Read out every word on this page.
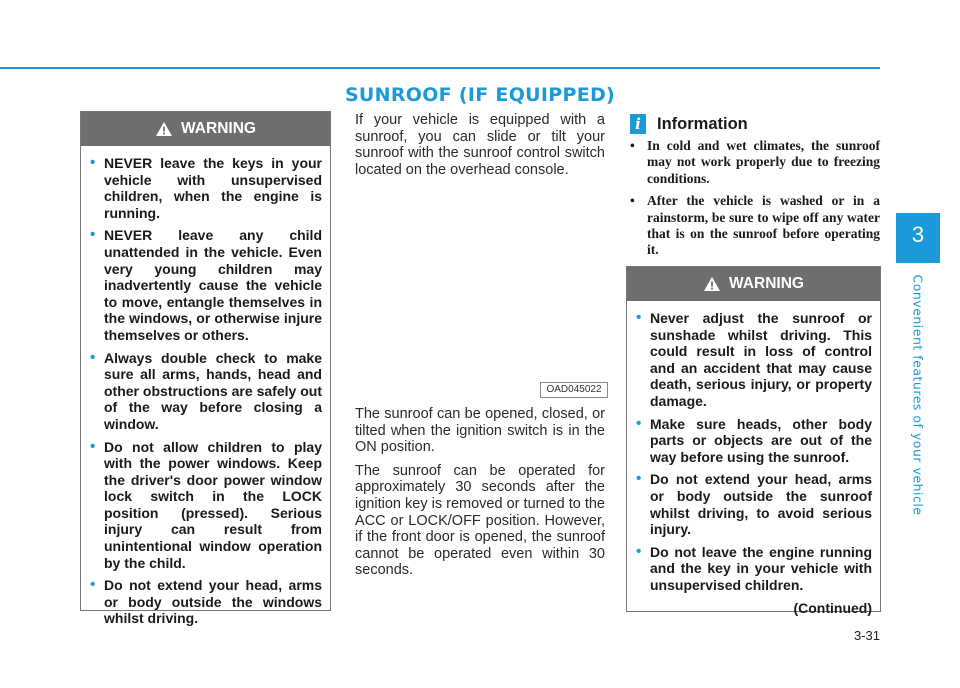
SUNROOF (IF EQUIPPED)
3
Convenient features of your vehicle
WARNING
• NEVER leave the keys in your vehicle with unsupervised children, when the engine is running.
• NEVER leave any child unattended in the vehicle. Even very young children may inadvertently cause the vehicle to move, entangle themselves in the windows, or otherwise injure themselves or others.
• Always double check to make sure all arms, hands, head and other obstructions are safely out of the way before closing a window.
• Do not allow children to play with the power windows. Keep the driver's door power window lock switch in the LOCK position (pressed). Serious injury can result from unintentional window operation by the child.
• Do not extend your head, arms or body outside the windows whilst driving.

If your vehicle is equipped with a sunroof, you can slide or tilt your sunroof with the sunroof control switch located on the overhead console.

OAD045022

The sunroof can be opened, closed, or tilted when the ignition switch is in the ON position.

The sunroof can be operated for approximately 30 seconds after the ignition key is removed or turned to the ACC or LOCK/OFF position. However, if the front door is opened, the sunroof cannot be operated even within 30 seconds.

i Information
• In cold and wet climates, the sunroof may not work properly due to freezing conditions.
• After the vehicle is washed or in a rainstorm, be sure to wipe off any water that is on the sunroof before operating it.
WARNING
• Never adjust the sunroof or sunshade whilst driving. This could result in loss of control and an accident that may cause death, serious injury, or property damage.
• Make sure heads, other body parts or objects are out of the way before using the sunroof.
• Do not extend your head, arms or body outside the sunroof whilst driving, to avoid serious injury.
• Do not leave the engine running and the key in your vehicle with unsupervised children.
(Continued)
3-31
